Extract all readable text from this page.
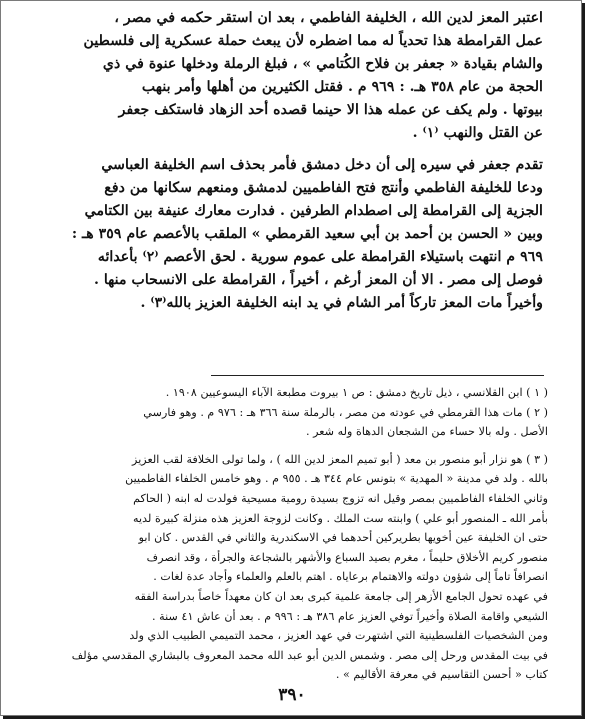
اعتبر المعز لدين الله ، الخليفة الفاطمي ، بعد ان استقر حكمه في مصر ،

عمل القرامطة هذا تحدياً له مما اضطره لأن يبعث حملة عسكرية إلى فلسطين

والشام بقيادة « جعفر بن فلاح الكُتامي » ، فبلغ الرملة ودخلها عنوة في ذي

الحجة من عام ٣٥٨ هـ. : ٩٦٩ م . فقتل الكثيرين من أهلها وأمر بنهب

بيوتها . ولم يكف عن عمله هذا الا حينما قصده أحد الزهاد فاستكف جعفر

عن القتل والنهب ⁽١⁾ .

تقدم جعفر في سيره إلى أن دخل دمشق فأمر بحذف اسم الخليفة العباسي

ودعا للخليفة الفاطمي وأنتج فتح الفاطميين لدمشق ومنعهم سكانها من دفع

الجزية إلى القرامطة إلى اصطدام الطرفين . فدارت معارك عنيفة بين الكتامي

وبين « الحسن بن أحمد بن أبي سعيد القرمطي » الملقب بالأعصم عام ٣٥٩ هـ :

٩٦٩ م انتهت باستيلاء القرامطة على عموم سورية . لحق الأعصم ⁽٢⁾ بأعدائه

فوصل إلى مصر . الا أن المعز أرغم ، أخيراً ، القرامطة على الانسحاب منها .

وأخيراً مات المعز تاركاً أمر الشام في يد ابنه الخليفة العزيز بالله⁽٣⁾ .

( ١ ) ابن القلانسي ، ذيل تاريخ دمشق : ص ١ بيروت مطبعة الآباء اليسوعيين ١٩٠٨ .

( ٢ ) مات هذا القرمطي في عودته من مصر ، بالرملة سنة ٣٦٦ هـ : ٩٧٦ م . وهو فارسي

الأصل . وله بالا حساء من الشجعان الدهاة وله شعر .

( ٣ ) هو نزار أبو منصور بن معد ( أبو تميم المعز لدين الله ) ، ولما تولى الخلافة لقب العزيز

بالله . ولد في مدينة « المهدية » بتونس عام ٣٤٤ هـ . ٩٥٥ م . وهو خامس الخلفاء الفاطميين

وثاني الخلفاء الفاطميين بمصر وقيل انه تزوج بسيدة رومية مسيحية فولدت له ابنه ( الحاكم

بأمر الله ـ المنصور أبو علي ) وابنته ست الملك . وكانت لزوجة العزيز هذه منزلة كبيرة لديه

حتى ان الخليفة عين أخويها بطريركين أحدهما في الاسكندرية والثاني في القدس . كان ابو

منصور كريم الأخلاق حليماً ، مغرم بصيد السباع والأشهر بالشجاعة والجرأة ، وقد انصرف

انصرافاً تاماً إلى شؤون دولته والاهتمام برعاياه . اهتم بالعلم والعلماء وأجاد عدة لغات .

في عهده تحول الجامع الأزهر إلى جامعة علمية كبرى بعد ان كان معهداً خاصاً بدراسة الفقه

الشيعي واقامة الصلاة وأخيراً توفي العزيز عام ٣٨٦ هـ : ٩٩٦ م . بعد أن عاش ٤١ سنة .

ومن الشخصيات الفلسطينية التي اشتهرت في عهد العزيز ، محمد التميمي الطبيب الذي ولد

في بيت المقدس ورحل إلى مصر . وشمس الدين أبو عبد الله محمد المعروف بالبشاري المقدسي مؤلف

كتاب « أحسن التقاسيم في معرفة الأقاليم » .

٣٩٠
